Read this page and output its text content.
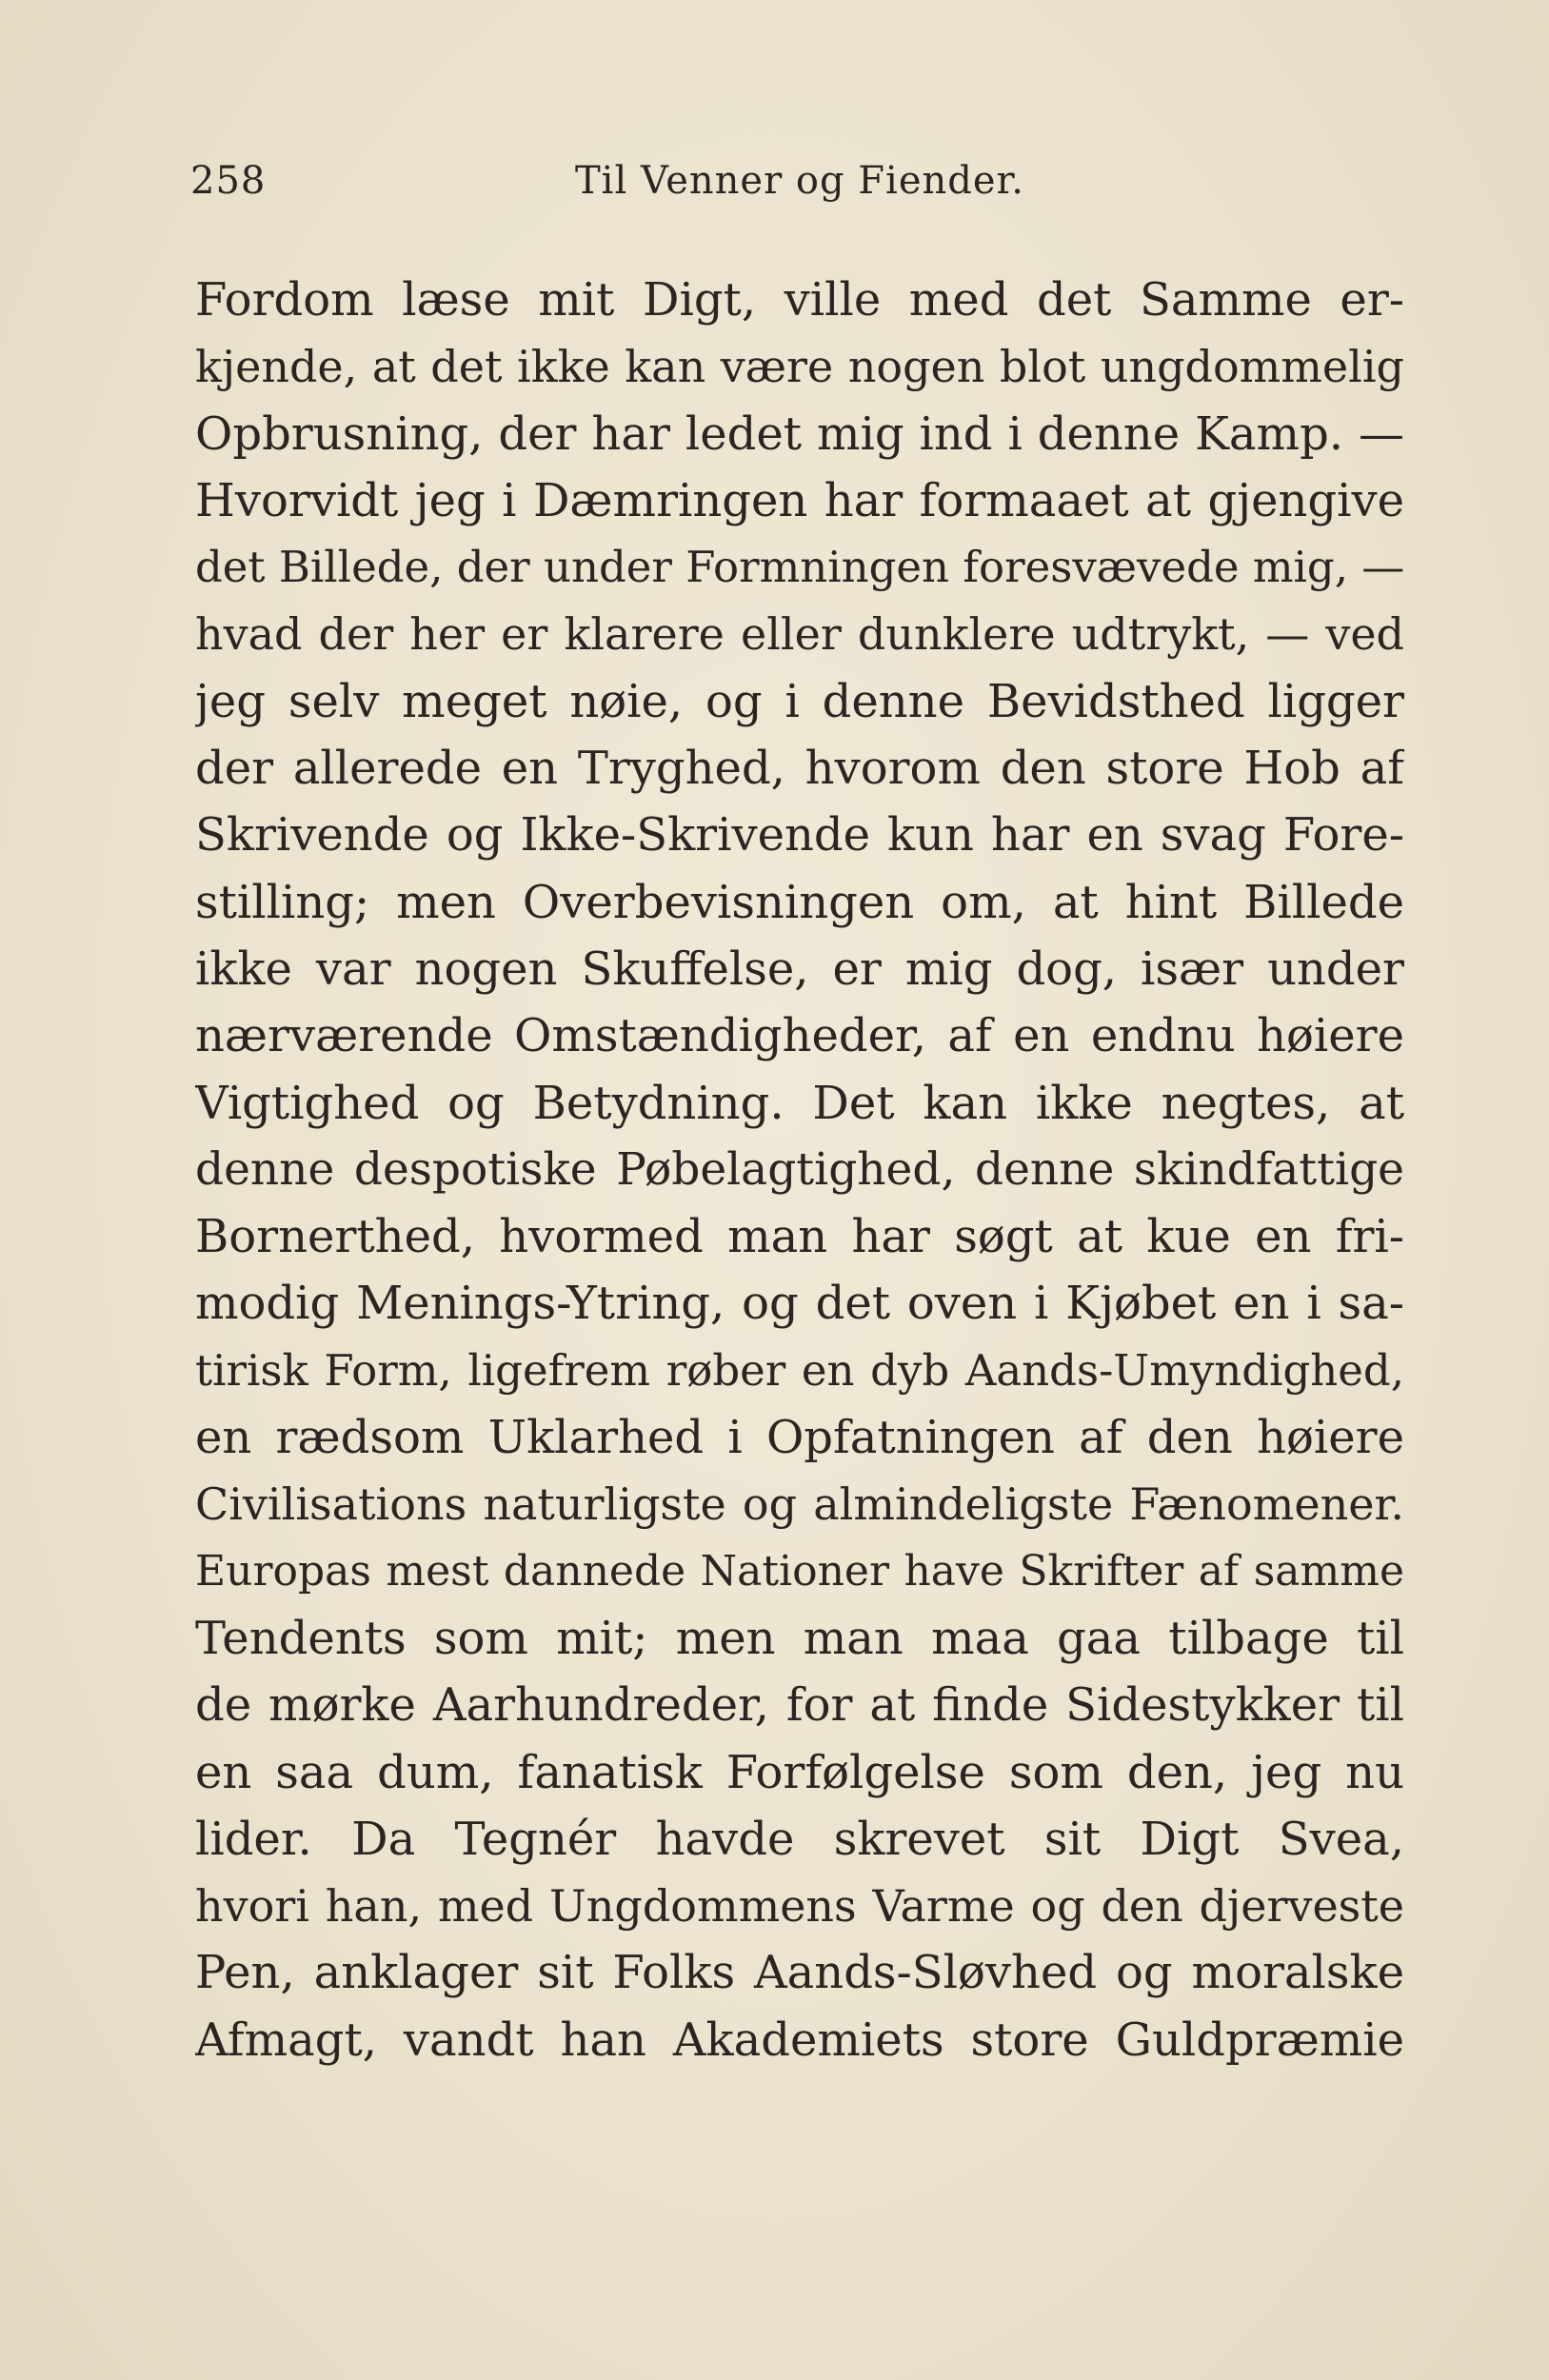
258	Til Venner og Fiender.
Fordom læse mit Digt, ville med det Samme er-
kjende, at det ikke kan være nogen blot ungdommelig
Opbrusning, der har ledet mig ind i denne Kamp. —
Hvorvidt jeg i Dæmringen har formaaet at gjengive
det Billede, der under Formningen foresvævede mig, —
hvad der her er klarere eller dunklere udtrykt, — ved
jeg selv meget nøie, og i denne Bevidsthed ligger
der allerede en Tryghed, hvorom den store Hob af
Skrivende og Ikke-Skrivende kun har en svag Fore-
stilling; men Overbevisningen om, at hint Billede
ikke var nogen Skuffelse, er mig dog, især under
nærværende Omstændigheder, af en endnu høiere
Vigtighed og Betydning. Det kan ikke negtes, at
denne despotiske Pøbelagtighed, denne skindfattige
Bornerthed, hvormed man har søgt at kue en fri-
modig Menings-Ytring, og det oven i Kjøbet en i sa-
tirisk Form, ligefrem røber en dyb Aands-Umyndighed,
en rædsom Uklarhed i Opfatningen af den høiere
Civilisations naturligste og almindeligste Fænomener.
Europas mest dannede Nationer have Skrifter af samme
Tendents som mit; men man maa gaa tilbage til
de mørke Aarhundreder, for at finde Sidestykker til
en saa dum, fanatisk Forfølgelse som den, jeg nu
lider. Da Tegnér havde skrevet sit Digt Svea,
hvori han, med Ungdommens Varme og den djerveste
Pen, anklager sit Folks Aands-Sløvhed og moralske
Afmagt, vandt han Akademiets store Guldpræmie
